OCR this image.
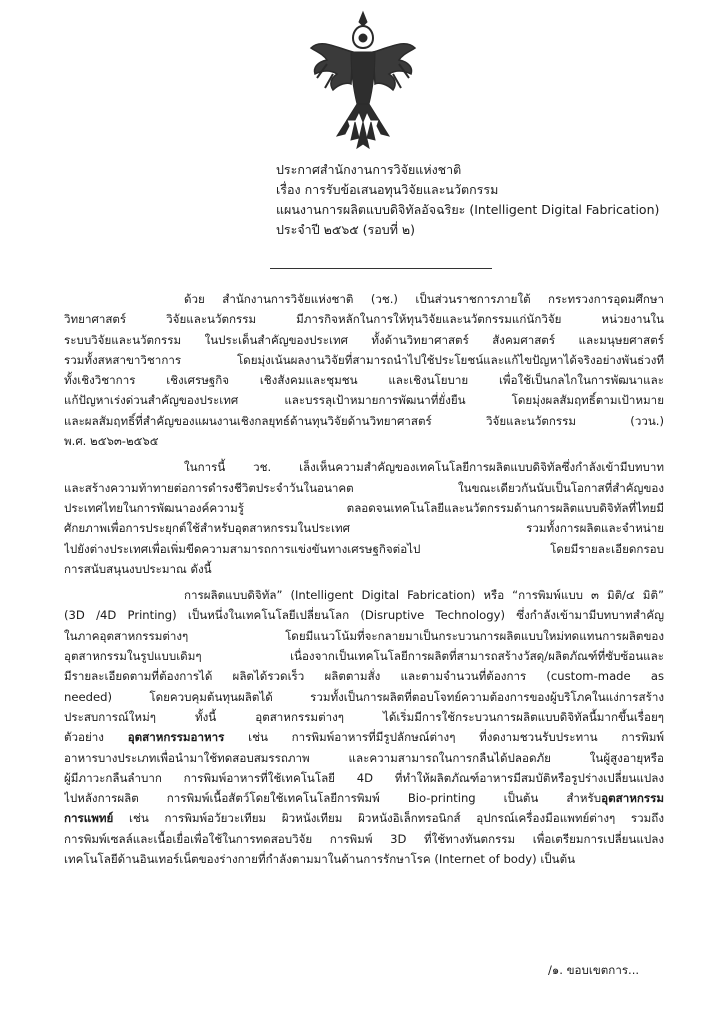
ประกาศสำนักงานการวิจัยแห่งชาติ
เรื่อง การรับข้อเสนอทุนวิจัยและนวัตกรรม
แผนงานการผลิตแบบดิจิทัลอัจฉริยะ (Intelligent Digital Fabrication)
ประจำปี ๒๕๖๕ (รอบที่ ๒)
ด้วย สำนักงานการวิจัยแห่งชาติ (วช.) เป็นส่วนราชการภายใต้ กระทรวงการอุดมศึกษา
วิทยาศาสตร์ วิจัยและนวัตกรรม มีภารกิจหลักในการให้ทุนวิจัยและนวัตกรรมแก่นักวิจัย หน่วยงานใน
ระบบวิจัยและนวัตกรรม ในประเด็นสำคัญของประเทศ ทั้งด้านวิทยาศาสตร์ สังคมศาสตร์ และมนุษยศาสตร์
รวมทั้งสหสาขาวิชาการ โดยมุ่งเน้นผลงานวิจัยที่สามารถนำไปใช้ประโยชน์และแก้ไขปัญหาได้จริงอย่างพันธ่วงที
ทั้งเชิงวิชาการ เชิงเศรษฐกิจ เชิงสังคมและชุมชน และเชิงนโยบาย เพื่อใช้เป็นกลไกในการพัฒนาและ
แก้ปัญหาเร่งด่วนสำคัญของประเทศ และบรรลุเป้าหมายการพัฒนาที่ยั่งยืน โดยมุ่งผลสัมฤทธิ์ตามเป้าหมาย
และผลสัมฤทธิ์ที่สำคัญของแผนงานเชิงกลยุทธ์ด้านทุนวิจัยด้านวิทยาศาสตร์ วิจัยและนวัตกรรม (ววน.)
พ.ศ. ๒๕๖๓-๒๕๖๕
ในการนี้ วช. เล็งเห็นความสำคัญของเทคโนโลยีการผลิตแบบดิจิทัลซึ่งกำลังเข้ามีบทบาท
และสร้างความท้าทายต่อการดำรงชีวิตประจำวันในอนาคต ในขณะเดียวกันนับเป็นโอกาสที่สำคัญของ
ประเทศไทยในการพัฒนาองค์ความรู้ ตลอดจนเทคโนโลยีและนวัตกรรมด้านการผลิตแบบดิจิทัลที่ไทยมี
ศักยภาพเพื่อการประยุกต์ใช้สำหรับอุตสาหกรรมในประเทศ รวมทั้งการผลิตและจำหน่าย
ไปยังต่างประเทศเพื่อเพิ่มขีดความสามารถการแข่งขันทางเศรษฐกิจต่อไป โดยมีรายละเอียดกรอบ
การสนับสนุนงบประมาณ ดังนี้
การผลิตแบบดิจิทัล” (Intelligent Digital Fabrication) หรือ “การพิมพ์แบบ ๓ มิติ/๔ มิติ”
(3D /4D Printing) เป็นหนึ่งในเทคโนโลยีเปลี่ยนโลก (Disruptive Technology) ซึ่งกำลังเข้ามามีบทบาทสำคัญ
ในภาคอุตสาหกรรมต่างๆ โดยมีแนวโน้มที่จะกลายมาเป็นกระบวนการผลิตแบบใหม่ทดแทนการผลิตของ
อุตสาหกรรมในรูปแบบเดิมๆ เนื่องจากเป็นเทคโนโลยีการผลิตที่สามารถสร้างวัสดุ/ผลิตภัณฑ์ที่ซับซ้อนและ
มีรายละเอียดตามที่ต้องการได้ ผลิตได้รวดเร็ว ผลิตตามสั่ง และตามจำนวนที่ต้องการ (custom-made as
needed) โดยควบคุมต้นทุนผลิตได้ รวมทั้งเป็นการผลิตที่ตอบโจทย์ความต้องการของผู้บริโภคในแง่การสร้าง
ประสบการณ์ใหม่ๆ ทั้งนี้ อุตสาหกรรมต่างๆ ได้เริ่มมีการใช้กระบวนการผลิตแบบดิจิทัลนี้มากขึ้นเรื่อยๆ
ตัวอย่าง อุตสาหกรรมอาหาร เช่น การพิมพ์อาหารที่มีรูปลักษณ์ต่างๆ ที่งดงามชวนรับประทาน การพิมพ์
อาหารบางประเภทเพื่อนำมาใช้ทดสอบสมรรถภาพ และความสามารถในการกลืนได้ปลอดภัย ในผู้สูงอายุหรือ
ผู้มีภาวะกลืนลำบาก การพิมพ์อาหารที่ใช้เทคโนโลยี 4D ที่ทำให้ผลิตภัณฑ์อาหารมีสมบัติหรือรูปร่างเปลี่ยนแปลง
ไปหลังการผลิต การพิมพ์เนื้อสัตว์โดยใช้เทคโนโลยีการพิมพ์ Bio-printing เป็นต้น สำหรับอุตสาหกรรม
การแพทย์ เช่น การพิมพ์อวัยวะเทียม ผิวหนังเทียม ผิวหนังอิเล็กทรอนิกส์ อุปกรณ์เครื่องมือแพทย์ต่างๆ รวมถึง
การพิมพ์เซลล์และเนื้อเยื่อเพื่อใช้ในการทดสอบวิจัย การพิมพ์ 3D ที่ใช้ทางทันตกรรม เพื่อเตรียมการเปลี่ยนแปลง
เทคโนโลยีด้านอินเทอร์เน็ตของร่างกายที่กำลังตามมาในด้านการรักษาโรค (Internet of body) เป็นต้น
/๑. ขอบเขตการ...
